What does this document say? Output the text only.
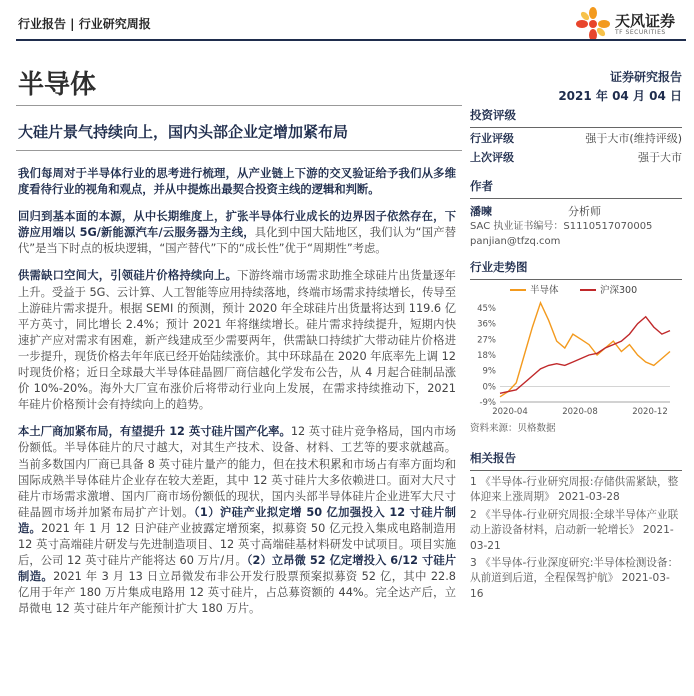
行业报告 | 行业研究周报	天风证券
TF SECURITIES
半导体	证券研究报告
2021 年 04 月 04 日
大硅片景气持续向上，国内头部企业定增加紧布局

我们每周对于半导体行业的思考进行梳理，从产业链上下游的交叉验证给予我们从多维度看待行业的视角和观点，并从中提炼出最契合投资主线的逻辑和判断。

回归到基本面的本源，从中长期维度上，扩张半导体行业成长的边界因子依然存在，下游应用端以 5G/新能源汽车/云服务器为主线，具化到中国大陆地区，我们认为“国产替代”是当下时点的板块逻辑，“国产替代”下的“成长性”优于“周期性”考虑。

供需缺口空间大，引领硅片价格持续向上。下游终端市场需求助推全球硅片出货量逐年上升。受益于 5G、云计算、人工智能等应用持续落地，终端市场需求持续增长，传导至上游硅片需求提升。根据 SEMI 的预测，预计 2020 年全球硅片出货量将达到 119.6 亿平方英寸，同比增长 2.4%；预计 2021 年将继续增长。硅片需求持续提升，短期内快速扩产应对需求有困难，新产线建成至少需要两年，供需缺口持续扩大带动硅片价格进一步提升，现货价格去年年底已经开始陆续涨价。其中环球晶在 2020 年底率先上调 12 吋现货价格；近日全球最大半导体硅晶圆厂商信越化学发布公告，从 4 月起合硅制品涨价 10%-20%。海外大厂宣布涨价后将带动行业向上发展，在需求持续推动下，2021 年硅片价格预计会有持续向上的趋势。

本土厂商加紧布局，有望提升 12 英寸硅片国产化率。12 英寸硅片竞争格局，国内市场份额低。半导体硅片的尺寸越大，对其生产技术、设备、材料、工艺等的要求就越高。当前多数国内厂商已具备 8 英寸硅片量产的能力，但在技术积累和市场占有率方面均和国际成熟半导体硅片企业存在较大差距，其中 12 英寸硅片大多依赖进口。面对大尺寸硅片市场需求激增、国内厂商市场份额低的现状，国内头部半导体硅片企业进军大尺寸硅晶圆市场并加紧布局扩产计划。（1）沪硅产业拟定增 50 亿加强投入 12 寸硅片制造。2021 年 1 月 12 日沪硅产业披露定增预案，拟募资 50 亿元投入集成电路制造用 12 英寸高端硅片研发与先进制造项目、12 英寸高端硅基材料研发中试项目。项目实施后，公司 12 英寸硅片产能将达 60 万片/月。（2）立昂微 52 亿定增投入 6/12 寸硅片制造。2021 年 3 月 13 日立昂微发布非公开发行股票预案拟募资 52 亿，其中 22.8 亿用于年产 180 万片集成电路用 12 英寸硅片，占总募资额的 44%。完全达产后，立昂微电 12 英寸硅片年产能预计扩大 180 万片。

投资评级
行业评级	强于大市(维持评级)
上次评级	强于大市
作者
潘暕	分析师
SAC 执业证书编号：S1110517070005
panjian@tfzq.com
行业走势图
半导体	沪深300
-9%
0%
9%
18%
27%
36%
45%
2020-04	2020-08	2020-12
资料来源：贝格数据
相关报告
1 《半导体-行业研究周报:存储供需紧缺，整体迎来上涨周期》 2021-03-28
2 《半导体-行业研究周报:全球半导体产业联动上游设备材料，启动新一轮增长》 2021-03-21
3 《半导体-行业深度研究:半导体检测设备：从前道到后道，全程保驾护航》 2021-03-16
